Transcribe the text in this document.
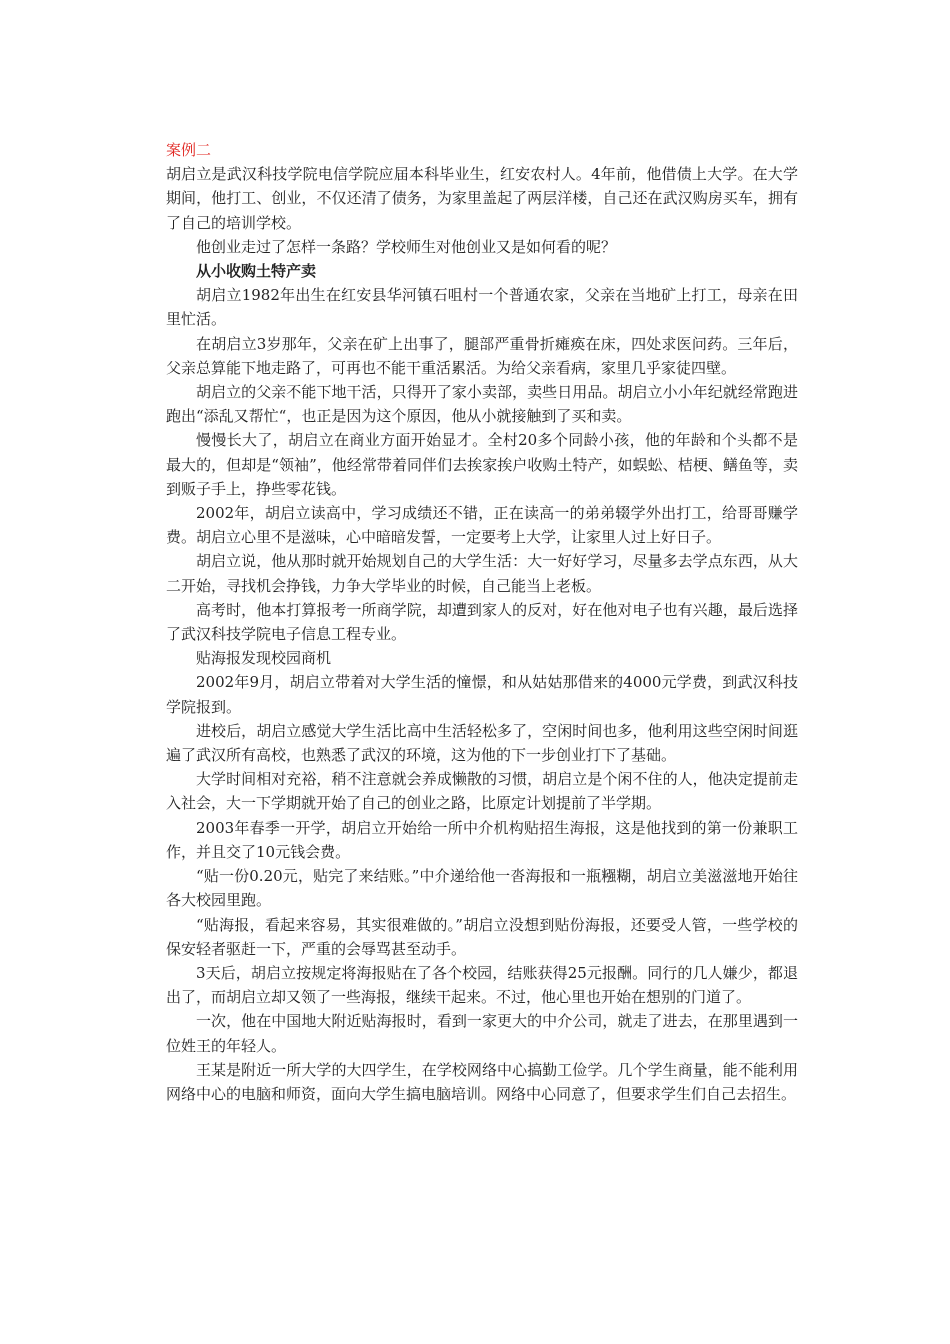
案例二

胡启立是武汉科技学院电信学院应届本科毕业生，红安农村人。4年前，他借债上大学。在大学期间，他打工、创业，不仅还清了债务，为家里盖起了两层洋楼，自己还在武汉购房买车，拥有了自己的培训学校。

他创业走过了怎样一条路？学校师生对他创业又是如何看的呢？

从小收购土特产卖

胡启立1982年出生在红安县华河镇石咀村一个普通农家，父亲在当地矿上打工，母亲在田里忙活。

在胡启立3岁那年，父亲在矿上出事了，腿部严重骨折瘫痪在床，四处求医问药。三年后，父亲总算能下地走路了，可再也不能干重活累活。为给父亲看病，家里几乎家徒四壁。

胡启立的父亲不能下地干活，只得开了家小卖部，卖些日用品。胡启立小小年纪就经常跑进跑出“添乱又帮忙“，也正是因为这个原因，他从小就接触到了买和卖。

慢慢长大了，胡启立在商业方面开始显才。全村20多个同龄小孩，他的年龄和个头都不是最大的，但却是“领袖”，他经常带着同伴们去挨家挨户收购土特产，如蜈蚣、桔梗、鳝鱼等，卖到贩子手上，挣些零花钱。

2002年，胡启立读高中，学习成绩还不错，正在读高一的弟弟辍学外出打工，给哥哥赚学费。胡启立心里不是滋味，心中暗暗发誓，一定要考上大学，让家里人过上好日子。

胡启立说，他从那时就开始规划自己的大学生活：大一好好学习，尽量多去学点东西，从大二开始，寻找机会挣钱，力争大学毕业的时候，自己能当上老板。

高考时，他本打算报考一所商学院，却遭到家人的反对，好在他对电子也有兴趣，最后选择了武汉科技学院电子信息工程专业。

贴海报发现校园商机

2002年9月，胡启立带着对大学生活的憧憬，和从姑姑那借来的4000元学费，到武汉科技学院报到。

进校后，胡启立感觉大学生活比高中生活轻松多了，空闲时间也多，他利用这些空闲时间逛遍了武汉所有高校，也熟悉了武汉的环境，这为他的下一步创业打下了基础。

大学时间相对充裕，稍不注意就会养成懒散的习惯，胡启立是个闲不住的人，他决定提前走入社会，大一下学期就开始了自己的创业之路，比原定计划提前了半学期。

2003年春季一开学，胡启立开始给一所中介机构贴招生海报，这是他找到的第一份兼职工作，并且交了10元钱会费。

“贴一份0.20元，贴完了来结账。”中介递给他一沓海报和一瓶糨糊，胡启立美滋滋地开始往各大校园里跑。

“贴海报，看起来容易，其实很难做的。”胡启立没想到贴份海报，还要受人管，一些学校的保安轻者驱赶一下，严重的会辱骂甚至动手。

3天后，胡启立按规定将海报贴在了各个校园，结账获得25元报酬。同行的几人嫌少，都退出了，而胡启立却又领了一些海报，继续干起来。不过，他心里也开始在想别的门道了。

一次，他在中国地大附近贴海报时，看到一家更大的中介公司，就走了进去，在那里遇到一位姓王的年轻人。

王某是附近一所大学的大四学生，在学校网络中心搞勤工俭学。几个学生商量，能不能利用网络中心的电脑和师资，面向大学生搞电脑培训。网络中心同意了，但要求学生们自己去招生。
